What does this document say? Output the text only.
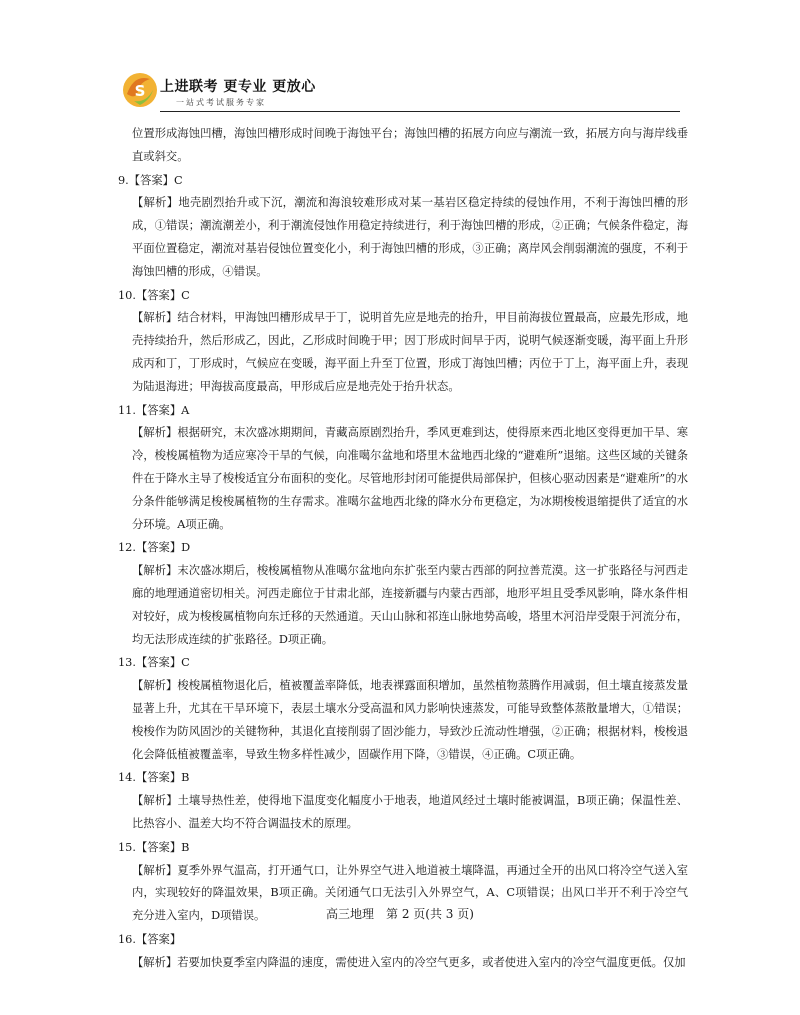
S 上进联考 更专业 更放心
一站式考试服务专家

位置形成海蚀凹槽，海蚀凹槽形成时间晚于海蚀平台；海蚀凹槽的拓展方向应与潮流一致，拓展方向与海岸线垂直或斜交。

9.【答案】C

【解析】地壳剧烈抬升或下沉，潮流和海浪较难形成对某一基岩区稳定持续的侵蚀作用，不利于海蚀凹槽的形成，①错误；潮流潮差小，利于潮流侵蚀作用稳定持续进行，利于海蚀凹槽的形成，②正确；气候条件稳定，海平面位置稳定，潮流对基岩侵蚀位置变化小，利于海蚀凹槽的形成，③正确；离岸风会削弱潮流的强度，不利于海蚀凹槽的形成，④错误。

10.【答案】C

【解析】结合材料，甲海蚀凹槽形成早于丁，说明首先应是地壳的抬升，甲目前海拔位置最高，应最先形成，地壳持续抬升，然后形成乙，因此，乙形成时间晚于甲；因丁形成时间早于丙，说明气候逐渐变暖，海平面上升形成丙和丁，丁形成时，气候应在变暖，海平面上升至丁位置，形成丁海蚀凹槽；丙位于丁上，海平面上升，表现为陆退海进；甲海拔高度最高，甲形成后应是地壳处于抬升状态。

11.【答案】A

【解析】根据研究，末次盛冰期期间，青藏高原剧烈抬升，季风更难到达，使得原来西北地区变得更加干旱、寒冷，梭梭属植物为适应寒冷干旱的气候，向准噶尔盆地和塔里木盆地西北缘的“避难所”退缩。这些区域的关键条件在于降水主导了梭梭适宜分布面积的变化。尽管地形封闭可能提供局部保护，但核心驱动因素是“避难所”的水分条件能够满足梭梭属植物的生存需求。准噶尔盆地西北缘的降水分布更稳定，为冰期梭梭退缩提供了适宜的水分环境。A项正确。

12.【答案】D

【解析】末次盛冰期后，梭梭属植物从准噶尔盆地向东扩张至内蒙古西部的阿拉善荒漠。这一扩张路径与河西走廊的地理通道密切相关。河西走廊位于甘肃北部，连接新疆与内蒙古西部，地形平坦且受季风影响，降水条件相对较好，成为梭梭属植物向东迁移的天然通道。天山山脉和祁连山脉地势高峻，塔里木河沿岸受限于河流分布，均无法形成连续的扩张路径。D项正确。

13.【答案】C

【解析】梭梭属植物退化后，植被覆盖率降低，地表裸露面积增加，虽然植物蒸腾作用减弱，但土壤直接蒸发量显著上升，尤其在干旱环境下，表层土壤水分受高温和风力影响快速蒸发，可能导致整体蒸散量增大，①错误；梭梭作为防风固沙的关键物种，其退化直接削弱了固沙能力，导致沙丘流动性增强，②正确；根据材料，梭梭退化会降低植被覆盖率，导致生物多样性减少，固碳作用下降，③错误，④正确。C项正确。

14.【答案】B

【解析】土壤导热性差，使得地下温度变化幅度小于地表，地道风经过土壤时能被调温，B项正确；保温性差、比热容小、温差大均不符合调温技术的原理。

15.【答案】B

【解析】夏季外界气温高，打开通气口，让外界空气进入地道被土壤降温，再通过全开的出风口将冷空气送入室内，实现较好的降温效果，B项正确。关闭通气口无法引入外界空气，A、C项错误；出风口半开不利于冷空气充分进入室内，D项错误。

16.【答案】

【解析】若要加快夏季室内降温的速度，需使进入室内的冷空气更多，或者使进入室内的冷空气温度更低。仅加

高三地理　第 2 页(共 3 页)
